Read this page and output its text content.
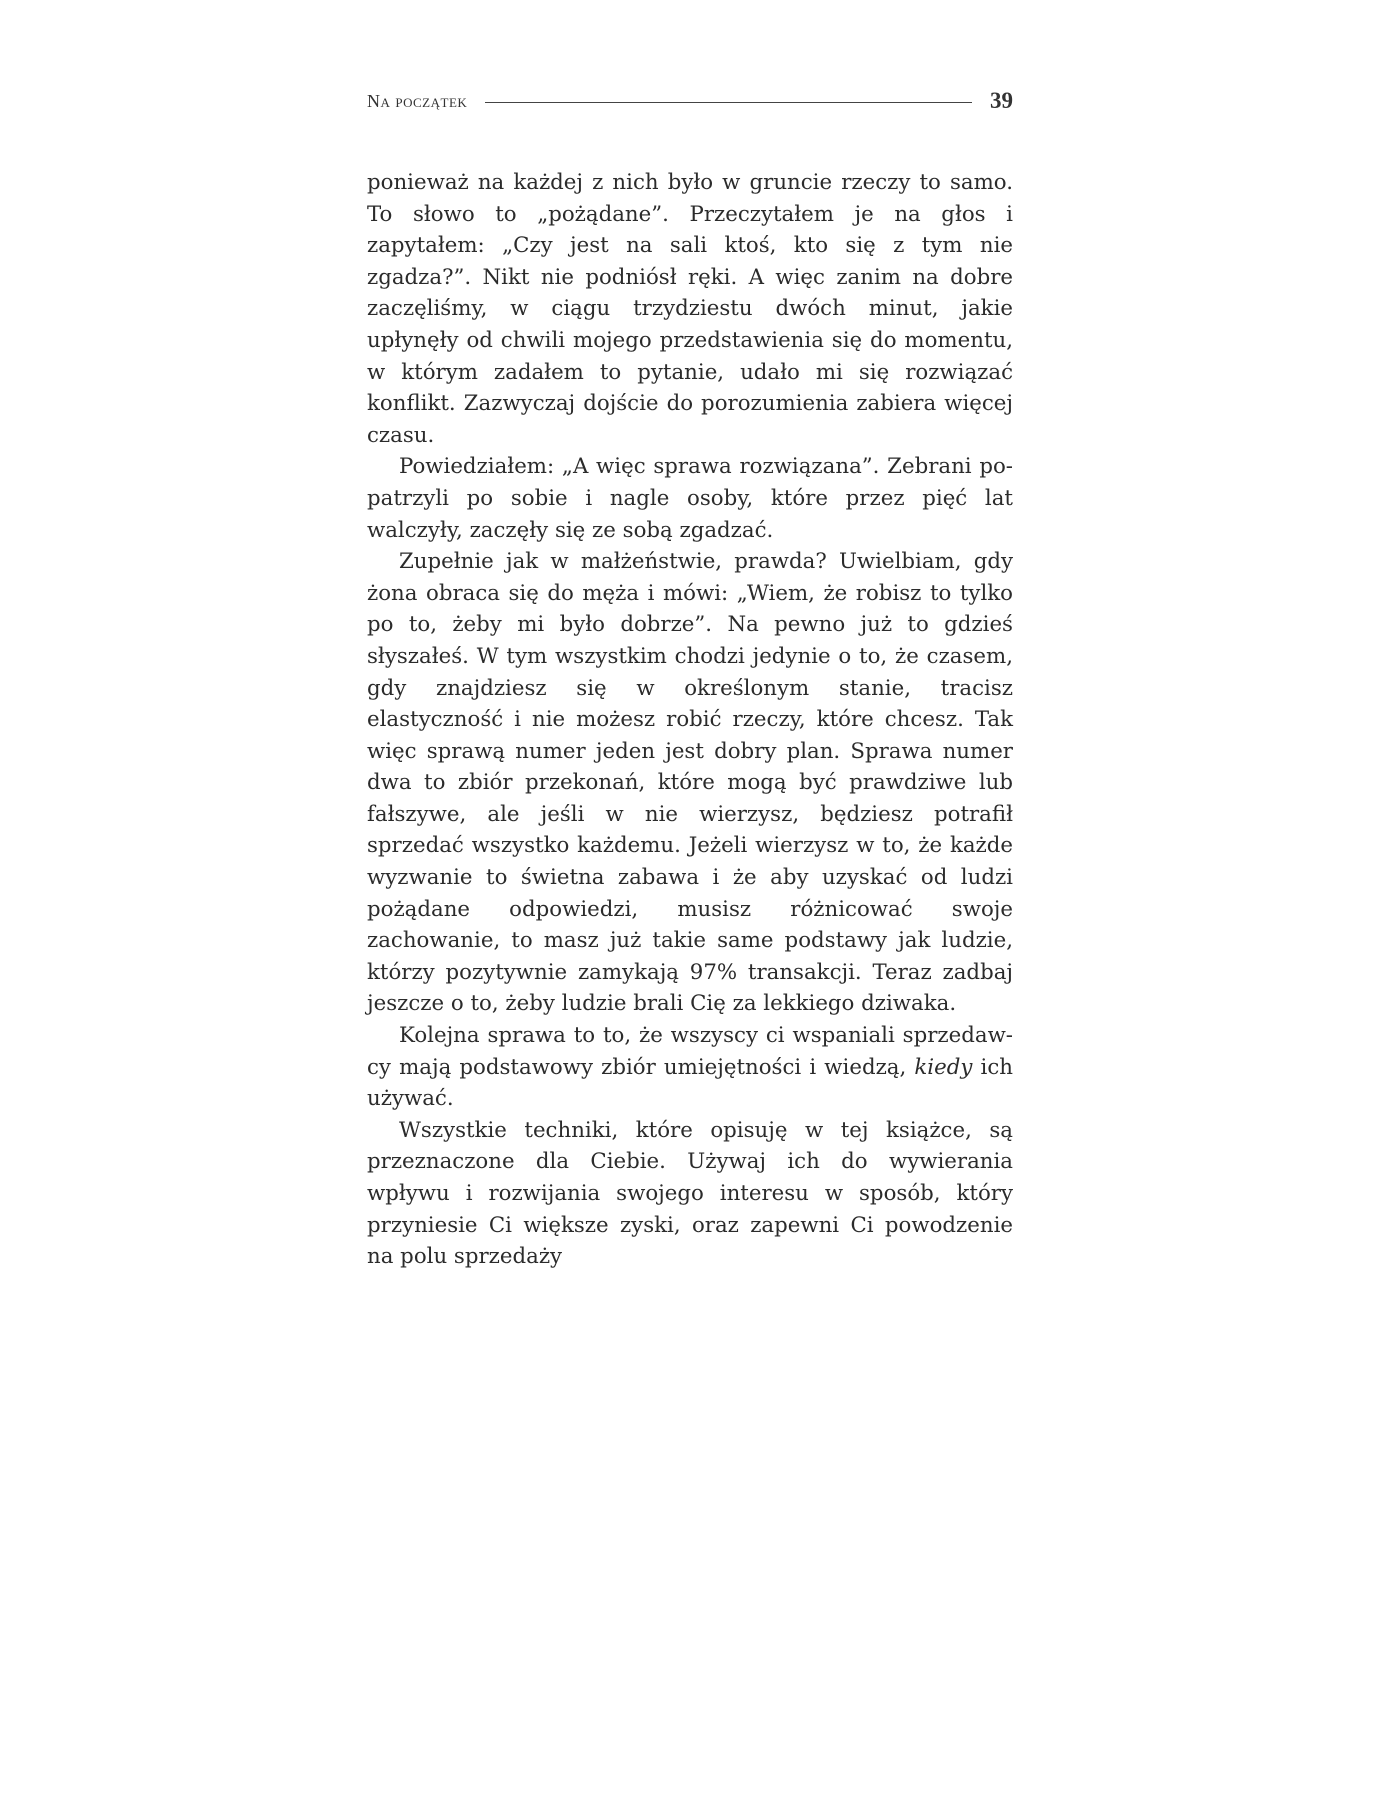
Na początek	39

ponieważ na każdej z nich było w gruncie rzeczy to samo. To słowo to „pożądane”. Przeczytałem je na głos i zapytałem: „Czy jest na sali ktoś, kto się z tym nie zgadza?”. Nikt nie podniósł ręki. A więc zanim na dobre zaczęliśmy, w ciągu trzydziestu dwóch minut, jakie upłynęły od chwili mojego przedstawienia się do momentu, w którym zadałem to pytanie, udało mi się rozwiązać konflikt. Zazwyczaj dojście do porozumienia zabiera więcej czasu.

Powiedziałem: „A więc sprawa rozwiązana”. Zebrani popatrzyli po sobie i nagle osoby, które przez pięć lat walczyły, zaczęły się ze sobą zgadzać.

Zupełnie jak w małżeństwie, prawda? Uwielbiam, gdy żona obraca się do męża i mówi: „Wiem, że robisz to tylko po to, żeby mi było dobrze”. Na pewno już to gdzieś słyszałeś. W tym wszystkim chodzi jedynie o to, że czasem, gdy znajdziesz się w określonym stanie, tracisz elastyczność i nie możesz robić rzeczy, które chcesz. Tak więc sprawą numer jeden jest dobry plan. Sprawa numer dwa to zbiór przekonań, które mogą być prawdziwe lub fałszywe, ale jeśli w nie wierzysz, będziesz potrafił sprzedać wszystko każdemu. Jeżeli wierzysz w to, że każde wyzwanie to świetna zabawa i że aby uzyskać od ludzi pożądane odpowiedzi, musisz różnicować swoje zachowanie, to masz już takie same podstawy jak ludzie, którzy pozytywnie zamykają 97% transakcji. Teraz zadbaj jeszcze o to, żeby ludzie brali Cię za lekkiego dziwaka.

Kolejna sprawa to to, że wszyscy ci wspaniali sprzedawcy mają podstawowy zbiór umiejętności i wiedzą, kiedy ich używać.

Wszystkie techniki, które opisuję w tej książce, są przeznaczone dla Ciebie. Używaj ich do wywierania wpływu i rozwijania swojego interesu w sposób, który przyniesie Ci większe zyski, oraz zapewni Ci powodzenie na polu sprzedaży
